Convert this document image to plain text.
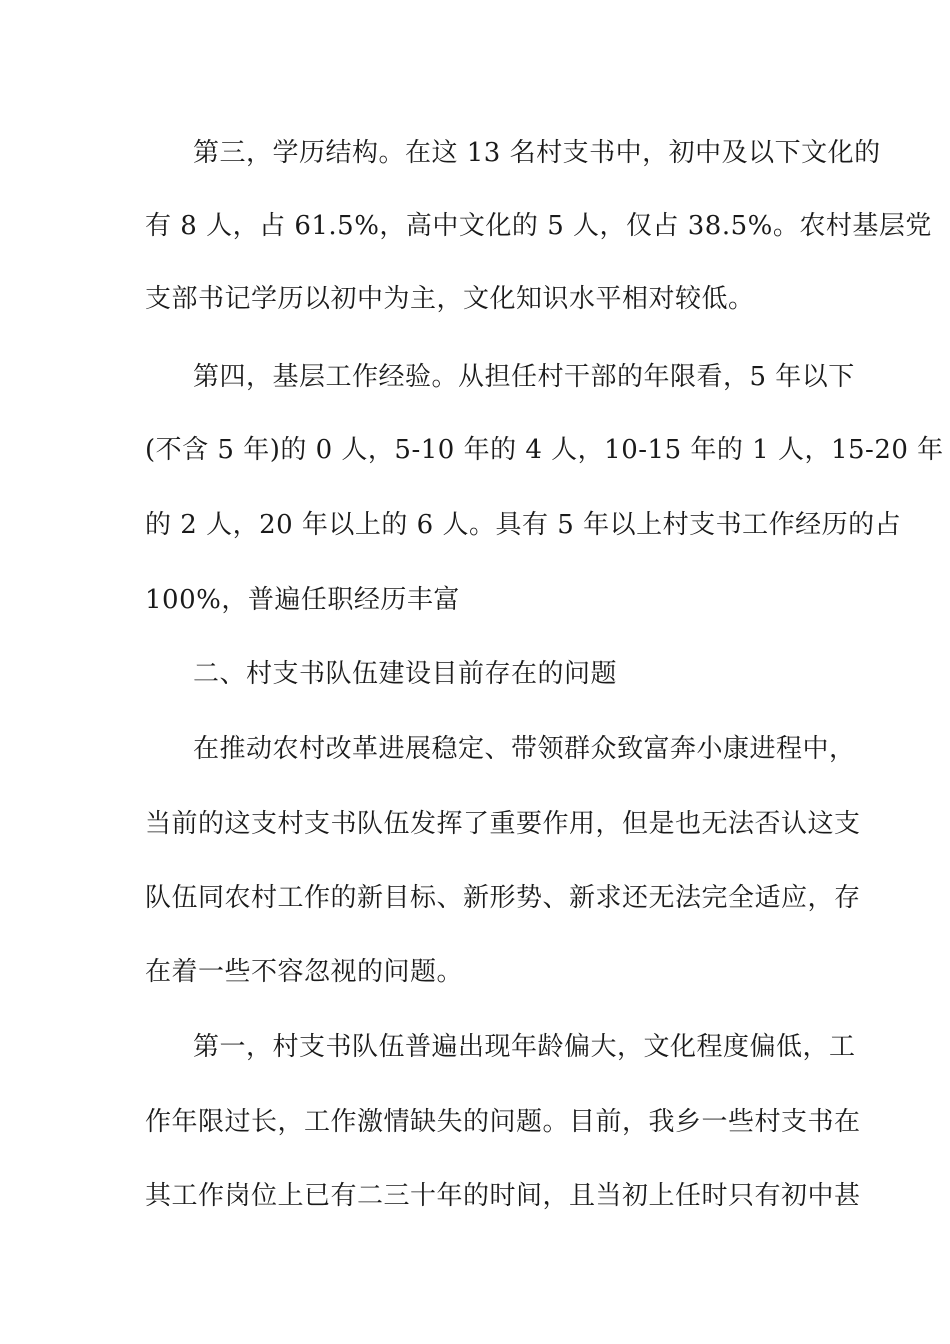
第三，学历结构。在这 13 名村支书中，初中及以下文化的
有 8 人，占 61.5%，高中文化的 5 人，仅占 38.5%。农村基层党
支部书记学历以初中为主，文化知识水平相对较低。
第四，基层工作经验。从担任村干部的年限看，5 年以下
(不含 5 年)的 0 人，5-10 年的 4 人，10-15 年的 1 人，15-20 年
的 2 人，20 年以上的 6 人。具有 5 年以上村支书工作经历的占
100%，普遍任职经历丰富
二、村支书队伍建设目前存在的问题
在推动农村改革进展稳定、带领群众致富奔小康进程中，
当前的这支村支书队伍发挥了重要作用，但是也无法否认这支
队伍同农村工作的新目标、新形势、新求还无法完全适应，存
在着一些不容忽视的问题。
第一，村支书队伍普遍出现年龄偏大，文化程度偏低，工
作年限过长，工作激情缺失的问题。目前，我乡一些村支书在
其工作岗位上已有二三十年的时间，且当初上任时只有初中甚
